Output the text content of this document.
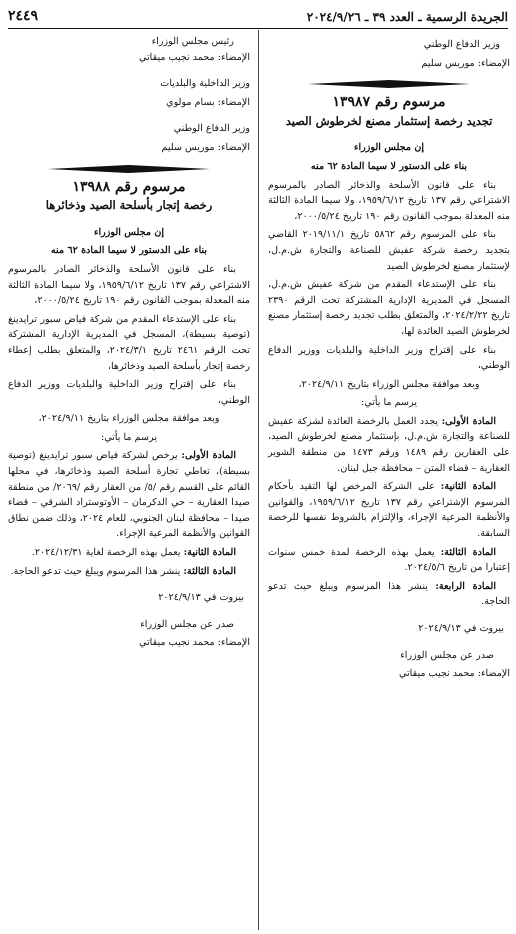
الجريدة الرسمية ـ العدد ٣٩ ـ ٢٠٢٤/٩/٢٦
٢٤٤٩

وزير الدفاع الوطني

الإمضاء: موريس سليم

مرسوم رقم ١٣٩٨٧

تجديد رخصة إستثمار مصنع لخرطوش الصيد

إن مجلس الوزراء

بناء على الدستور لا سيما المادة ٦٢ منه

بناء على قانون الأسلحة والذخائر الصادر بالمرسوم الاشتراعي رقم ١٣٧ تاريخ ١٩٥٩/٦/١٢، ولا سيما المادة الثالثة منه المعدلة بموجب القانون رقم ١٩٠ تاريخ ٢٠٠٠/٥/٢٤،

بناء على المرسوم رقم ٥٨٦٢ تاريخ ٢٠١٩/١١/١ القاضي بتجديد رخصة شركة عفيش للصناعة والتجارة ش.م.ل، لإستثمار مصنع لخرطوش الصيد

بناء على الإستدعاء المقدم من شركة عفيش ش.م.ل، المسجل في المديرية الإدارية المشتركة تحت الرقم ٢٣٩٠ تاريخ ٢٠٢٤/٢/٢٢، والمتعلق بطلب تجديد رخصة إستثمار مصنع لخرطوش الصيد العائدة لها،

بناء على إقتراح وزير الداخلية والبلديات ووزير الدفاع الوطني،

وبعد موافقة مجلس الوزراء بتاريخ ٢٠٢٤/٩/١١،

يرسم ما يأتي:

المادة الأولى: يجدد العمل بالرخصة العائدة لشركة عفيش للصناعة والتجارة ش.م.ل، بإستثمار مصنع لخرطوش الصيد، على العقارين رقم ١٤٨٩ ورقم ١٤٧٣ من منطقة الشوير العقارية – قضاء المتن – محافظة جبل لبنان.

المادة الثانية: على الشركة المرخص لها التقيد بأحكام المرسوم الإشتراعي رقم ١٣٧ تاريخ ١٩٥٩/٦/١٢، والقوانين والأنظمة المرعية الإجراء، والإلتزام بالشروط نفسها للرخصة السابقة.

المادة الثالثة: يعمل بهذه الرخصة لمدة خمس سنوات إعتبارا من تاريخ ٢٠٢٤/٥/٦.

المادة الرابعة: ينشر هذا المرسوم ويبلغ حيث تدعو الحاجة.

بيروت في ٢٠٢٤/٩/١٣

صدر عن مجلس الوزراء

الإمضاء: محمد نجيب ميقاتي

رئيس مجلس الوزراء

الإمضاء: محمد نجيب ميقاتي

وزير الداخلية والبلديات

الإمضاء: بسام مولوي

وزير الدفاع الوطني

الإمضاء: موريس سليم

مرسوم رقم ١٣٩٨٨

رخصة إتجار بأسلحة الصيد وذخائرها

إن مجلس الوزراء

بناء على الدستور لا سيما المادة ٦٢ منه

بناء على قانون الأسلحة والذخائر الصادر بالمرسوم الاشتراعي رقم ١٣٧ تاريخ ١٩٥٩/٦/١٢، ولا سيما المادة الثالثة منه المعدلة بموجب القانون رقم ١٩٠ تاريخ ٢٠٠٠/٥/٢٤،

بناء على الإستدعاء المقدم من شركة فياض سبور ترايدينغ (توصية بسيطة)، المسجل في المديرية الإدارية المشتركة تحت الرقم ٢٤٦١ تاريخ ٢٠٢٤/٣/١، والمتعلق بطلب إعطاء رخصة إتجار بأسلحة الصيد وذخائرها،

بناء على إقتراح وزير الداخلية والبلديات ووزير الدفاع الوطني،

وبعد موافقة مجلس الوزراء بتاريخ ٢٠٢٤/٩/١١،

يرسم ما يأتي:

المادة الأولى: يرخص لشركة فياض سبور ترايدينغ (توصية بسيطة)، تعاطي تجارة أسلحة الصيد وذخائرها، في محلها القائم على القسم رقم /٥/ من العقار رقم /٢٠٦٩/ من منطقة صيدا العقارية – حي الدكرمان – الأوتوستراد الشرقي – قضاء صيدا – محافظة لبنان الجنوبي، للعام ٢٠٢٤، وذلك ضمن نطاق القوانين والأنظمة المرعية الإجراء.

المادة الثانية: يعمل بهذه الرخصة لغاية ٢٠٢٤/١٢/٣١.

المادة الثالثة: ينشر هذا المرسوم ويبلغ حيث تدعو الحاجة.

بيروت في ٢٠٢٤/٩/١٣

صدر عن مجلس الوزراء

الإمضاء: محمد نجيب ميقاتي
